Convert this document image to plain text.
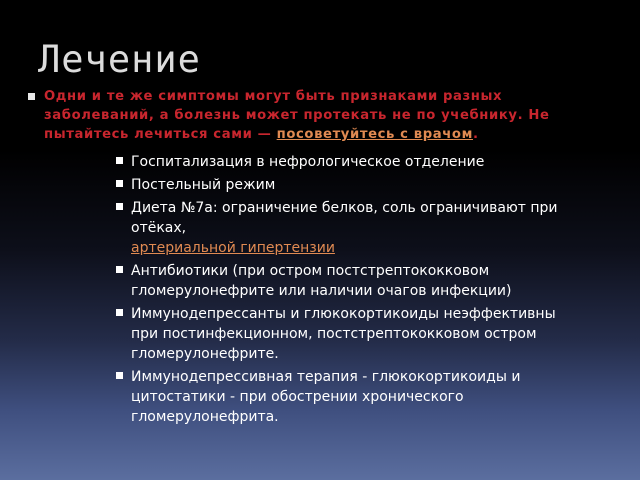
Лечение
Одни и те же симптомы могут быть признаками разных заболеваний, а болезнь может протекать не по учебнику. Не пытайтесь лечиться сами — посоветуйтесь с врачом.
Госпитализация в нефрологическое отделение
Постельный режим
Диета №7а: ограничение белков, соль ограничивают при отёках,
артериальной гипертензии
Антибиотики (при остром постстрептококковом гломерулонефрите или наличии очагов инфекции)
Иммунодепрессанты и глюкокортикоиды неэффективны при постинфекционном, постстрептококковом остром гломерулонефрите.
Иммунодепрессивная терапия - глюкокортикоиды и цитостатики - при обострении хронического гломерулонефрита.
